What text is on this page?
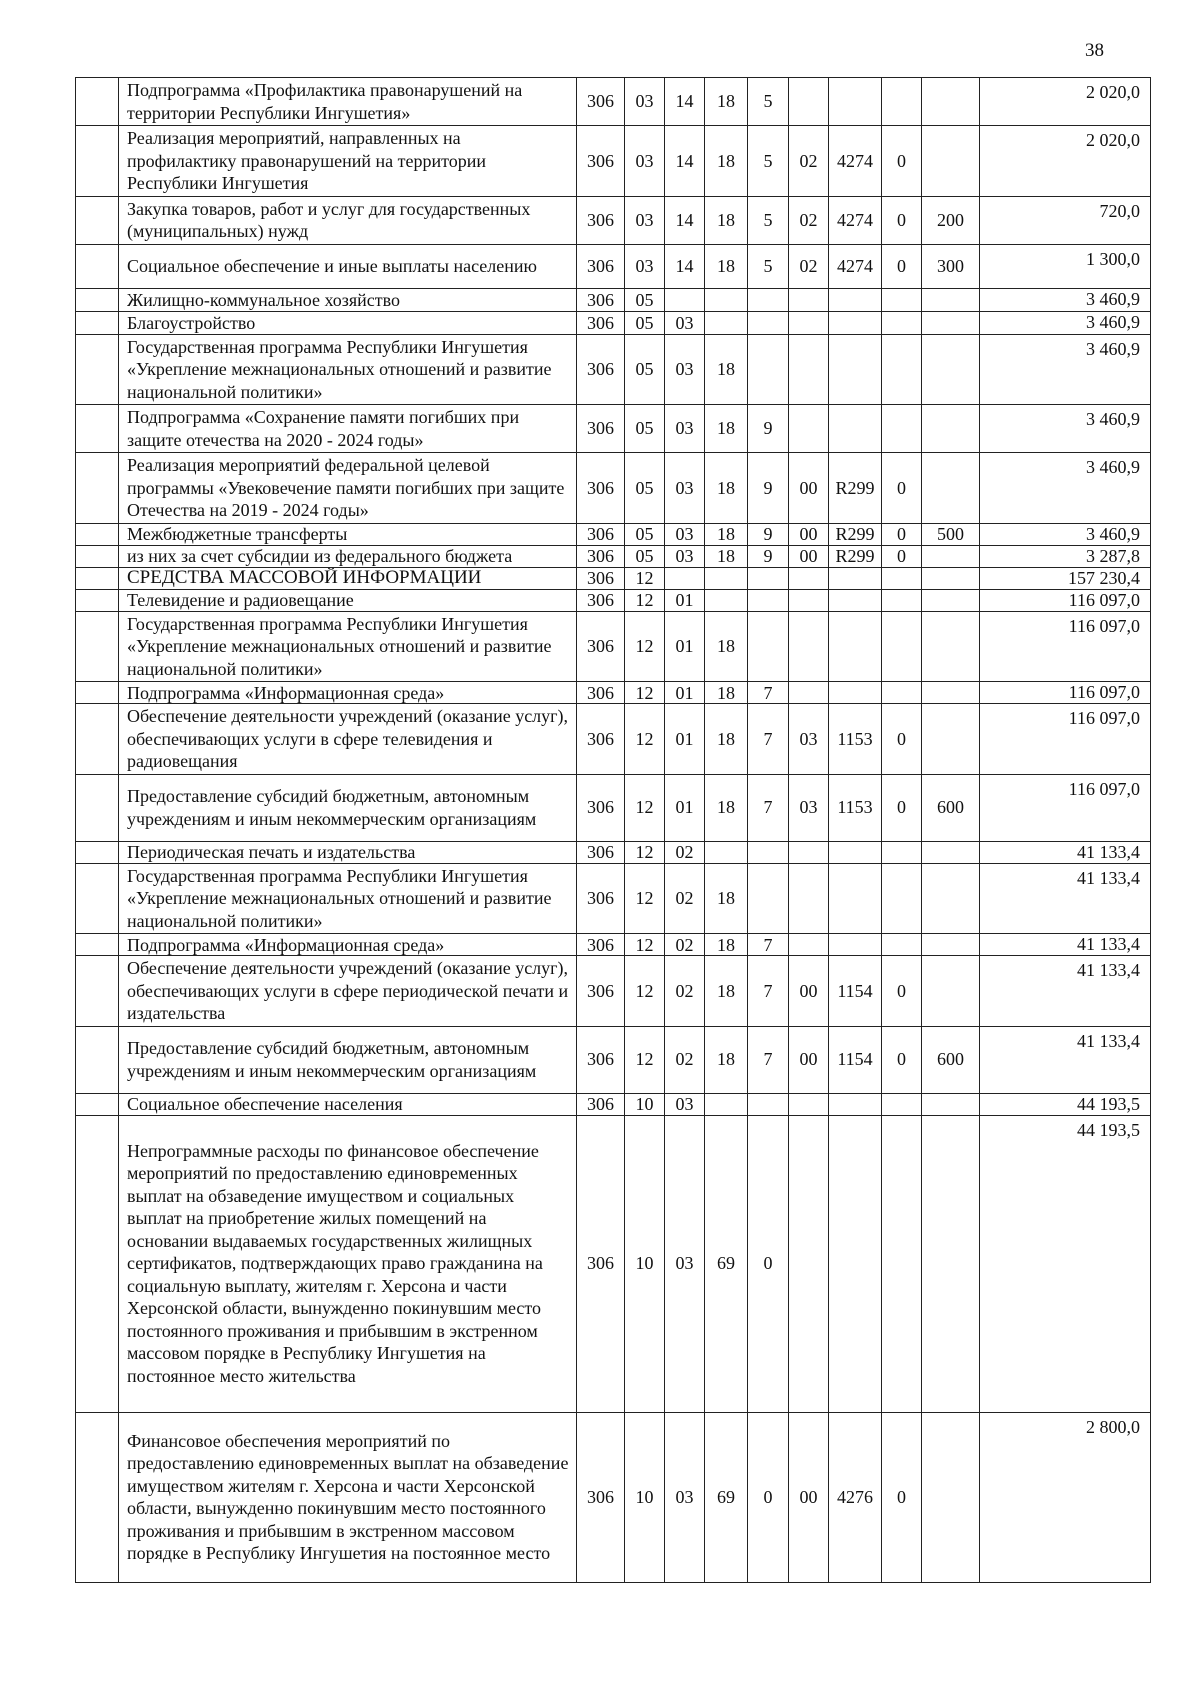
38
	Подпрограмма «Профилактика правонарушений на территории Республики Ингушетия»	306	03	14	18	5					2 020,0
	Реализация мероприятий, направленных на профилактику правонарушений на территории Республики Ингушетия	306	03	14	18	5	02	4274	0		2 020,0
	Закупка товаров, работ и услуг для государственных (муниципальных) нужд	306	03	14	18	5	02	4274	0	200	720,0
	Социальное обеспечение и иные выплаты населению	306	03	14	18	5	02	4274	0	300	1 300,0
	Жилищно-коммунальное хозяйство	306	05								3 460,9
	Благоустройство	306	05	03							3 460,9
	Государственная программа Республики Ингушетия «Укрепление межнациональных отношений и развитие национальной политики»	306	05	03	18						3 460,9
	Подпрограмма «Сохранение памяти погибших при защите отечества на 2020 - 2024 годы»	306	05	03	18	9					3 460,9
	Реализация мероприятий федеральной целевой программы «Увековечение памяти погибших при защите Отечества на 2019 - 2024 годы»	306	05	03	18	9	00	R299	0		3 460,9
	Межбюджетные трансферты	306	05	03	18	9	00	R299	0	500	3 460,9
	из них за счет субсидии из федерального бюджета	306	05	03	18	9	00	R299	0		3 287,8
	СРЕДСТВА МАССОВОЙ ИНФОРМАЦИИ	306	12								157 230,4
	Телевидение и радиовещание	306	12	01							116 097,0
	Государственная программа Республики Ингушетия «Укрепление межнациональных отношений и развитие национальной политики»	306	12	01	18						116 097,0
	Подпрограмма «Информационная среда»	306	12	01	18	7					116 097,0
	Обеспечение деятельности учреждений (оказание услуг), обеспечивающих услуги в сфере телевидения и радиовещания	306	12	01	18	7	03	1153	0		116 097,0
	Предоставление субсидий бюджетным, автономным учреждениям и иным некоммерческим организациям	306	12	01	18	7	03	1153	0	600	116 097,0
	Периодическая печать и издательства	306	12	02							41 133,4
	Государственная программа Республики Ингушетия «Укрепление межнациональных отношений и развитие национальной политики»	306	12	02	18						41 133,4
	Подпрограмма «Информационная среда»	306	12	02	18	7					41 133,4
	Обеспечение деятельности учреждений (оказание услуг), обеспечивающих услуги в сфере периодической печати и издательства	306	12	02	18	7	00	1154	0		41 133,4
	Предоставление субсидий бюджетным, автономным учреждениям и иным некоммерческим организациям	306	12	02	18	7	00	1154	0	600	41 133,4
	Социальное обеспечение населения	306	10	03							44 193,5
	Непрограммные расходы по финансовое обеспечение мероприятий по предоставлению единовременных выплат на обзаведение имуществом и социальных выплат на приобретение жилых помещений на основании выдаваемых государственных жилищных сертификатов, подтверждающих право гражданина на социальную выплату, жителям г. Херсона и части Херсонской области, вынужденно покинувшим место постоянного проживания и прибывшим в экстренном массовом порядке в Республику Ингушетия на постоянное место жительства	306	10	03	69	0					44 193,5
	Финансовое обеспечения мероприятий по предоставлению единовременных выплат на обзаведение имуществом жителям г. Херсона и части Херсонской области, вынужденно покинувшим место постоянного проживания и прибывшим в экстренном массовом порядке в Республику Ингушетия на постоянное место	306	10	03	69	0	00	4276	0		2 800,0
